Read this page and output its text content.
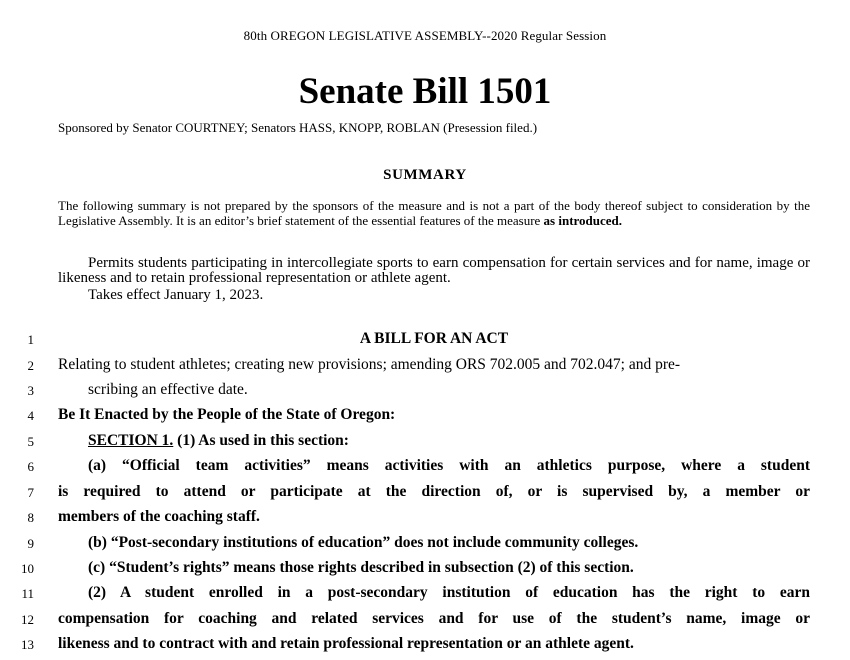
80th OREGON LEGISLATIVE ASSEMBLY--2020 Regular Session
Senate Bill 1501
Sponsored by Senator COURTNEY; Senators HASS, KNOPP, ROBLAN (Presession filed.)
SUMMARY
The following summary is not prepared by the sponsors of the measure and is not a part of the body thereof subject to consideration by the Legislative Assembly. It is an editor’s brief statement of the essential features of the measure as introduced.
Permits students participating in intercollegiate sports to earn compensation for certain services and for name, image or likeness and to retain professional representation or athlete agent.
Takes effect January 1, 2023.
1	A BILL FOR AN ACT
2 Relating to student athletes; creating new provisions; amending ORS 702.005 and 702.047; and pre-
3	scribing an effective date.
4 Be It Enacted by the People of the State of Oregon:
5	SECTION 1. (1) As used in this section:
6	(a) “Official team activities” means activities with an athletics purpose, where a student
7 is required to attend or participate at the direction of, or is supervised by, a member or
8 members of the coaching staff.
9	(b) “Post-secondary institutions of education” does not include community colleges.
10	(c) “Student’s rights” means those rights described in subsection (2) of this section.
11	(2) A student enrolled in a post-secondary institution of education has the right to earn
12 compensation for coaching and related services and for use of the student’s name, image or
13 likeness and to contract with and retain professional representation or an athlete agent.
